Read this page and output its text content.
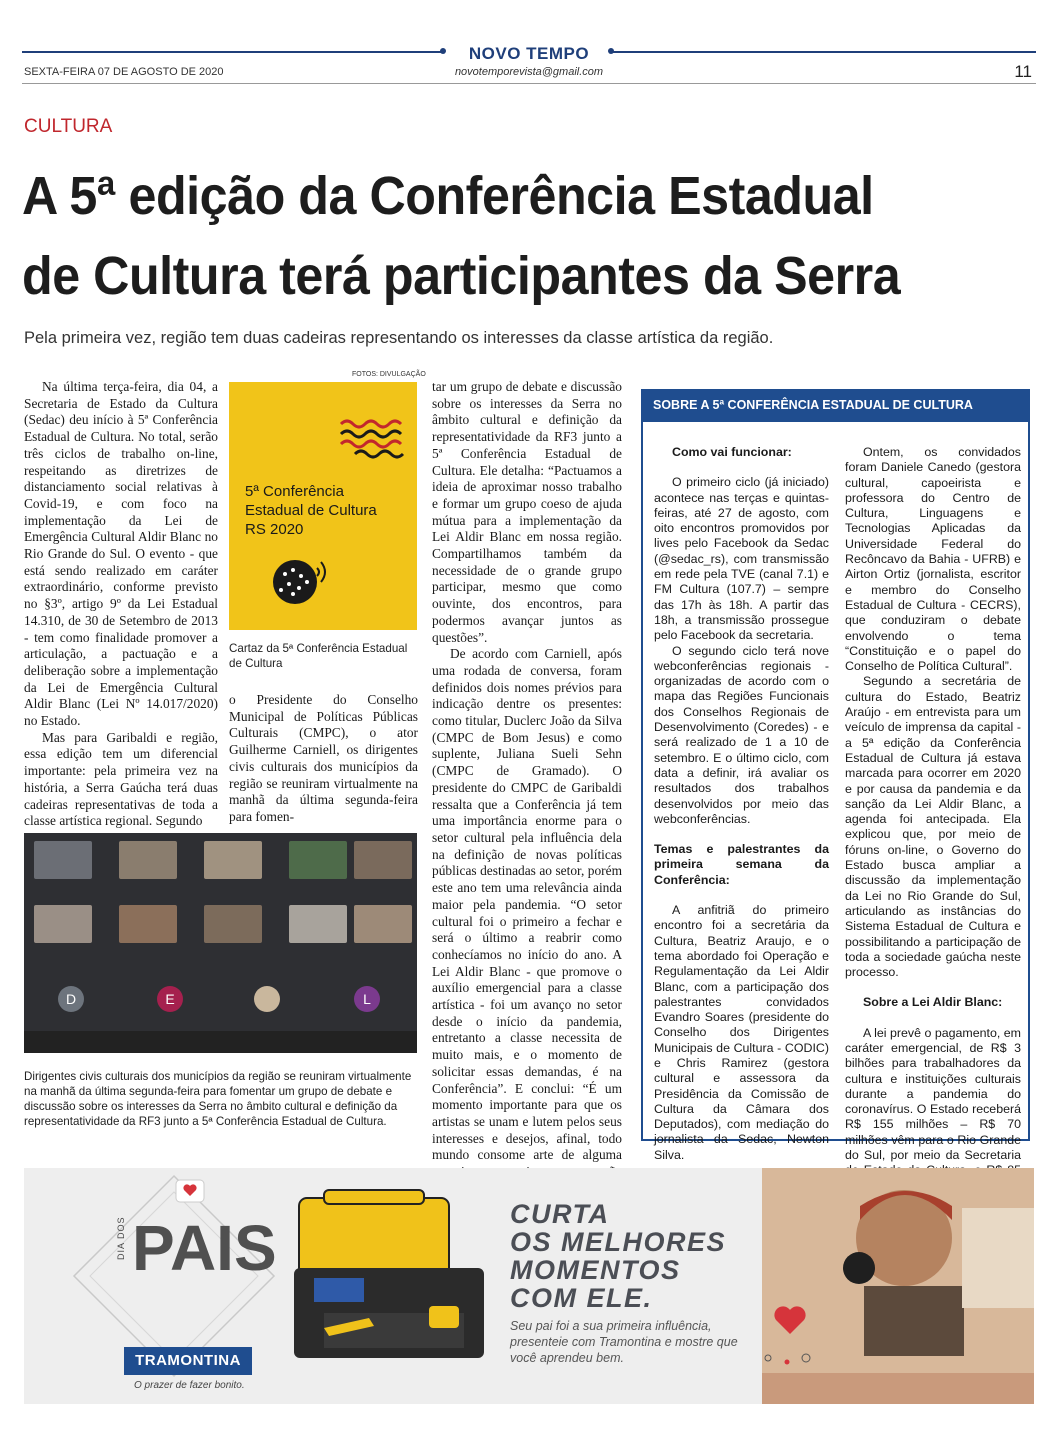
NOVO TEMPO
novotemporevista@gmail.com
SEXTA-FEIRA 07 DE AGOSTO DE 2020	11
CULTURA
A 5ª edição da Conferência Estadual
de Cultura terá participantes da Serra
Pela primeira vez, região tem duas cadeiras representando os interesses da classe artística da região.

Na última terça-feira, dia 04, a Secretaria de Estado da Cultura (Sedac) deu início à 5ª Conferência Estadual de Cultura. No total, serão três ciclos de trabalho on-line, respeitando as diretrizes de distanciamento social relativas à Covid-19, e com foco na implementação da Lei de Emergência Cultural Aldir Blanc no Rio Grande do Sul. O evento - que está sendo realizado em caráter extraordinário, conforme previsto no §3º, artigo 9º da Lei Estadual 14.310, de 30 de Setembro de 2013 - tem como finalidade promover a articulação, a pactuação e a deliberação sobre a implementação da Lei de Emergência Cultural Aldir Blanc (Lei Nº 14.017/2020) no Estado.

Mas para Garibaldi e região, essa edição tem um diferencial importante: pela primeira vez na história, a Serra Gaúcha terá duas cadeiras representativas de toda a classe artística regional. Segundo

FOTOS: DIVULGAÇÃO
5ª Conferência
Estadual de Cultura
RS 2020
Cartaz da 5ª Conferência Estadual de Cultura

o Presidente do Conselho Municipal de Políticas Públicas Culturais (CMPC), o ator Guilherme Carniell, os dirigentes civis culturais dos municípios da região se reuniram virtualmente na manhã da última segunda-feira para fomen-

tar um grupo de debate e discussão sobre os interesses da Serra no âmbito cultural e definição da representatividade da RF3 junto a 5ª Conferência Estadual de Cultura. Ele detalha: “Pactuamos a ideia de aproximar nosso trabalho e formar um grupo coeso de ajuda mútua para a implementação da Lei Aldir Blanc em nossa região. Compartilhamos também da necessidade de o grande grupo participar, mesmo que como ouvinte, dos encontros, para podermos avançar juntos as questões”.

De acordo com Carniell, após uma rodada de conversa, foram definidos dois nomes prévios para indicação dentre os presentes: como titular, Duclerc João da Silva (CMPC de Bom Jesus) e como suplente, Juliana Sueli Sehn (CMPC de Gramado). O presidente do CMPC de Garibaldi ressalta que a Conferência já tem uma importância enorme para o setor cultural pela influência dela na definição de novas políticas públicas destinadas ao setor, porém este ano tem uma relevância ainda maior pela pandemia. “O setor cultural foi o primeiro a fechar e será o último a reabrir como conhecíamos no início do ano. A Lei Aldir Blanc - que promove o auxílio emergencial para a classe artística - foi um avanço no setor desde o início da pandemia, entretanto a classe necessita de muito mais, e o momento de solicitar essas demandas, é na Conferência”. E conclui: “É um momento importante para que os artistas se unam e lutem pelos seus interesses e desejos, afinal, todo mundo consome arte de alguma

D	E	L
Dirigentes civis culturais dos municípios da região se reuniram virtualmente na manhã da última segunda-feira para fomentar um grupo de debate e discussão sobre os interesses da Serra no âmbito cultural e definição da representatividade da RF3 junto a 5ª Conferência Estadual de Cultura.
SOBRE A 5ª CONFERÊNCIA ESTADUAL DE CULTURA

Como vai funcionar:

O primeiro ciclo (já iniciado) acontece nas terças e quintas-feiras, até 27 de agosto, com oito encontros promovidos por lives pelo Facebook da Sedac (@sedac_rs), com transmissão em rede pela TVE (canal 7.1) e FM Cultura (107.7) – sempre das 17h às 18h. A partir das 18h, a transmissão prossegue pelo Facebook da secretaria.

O segundo ciclo terá nove webconferências regionais - organizadas de acordo com o mapa das Regiões Funcionais dos Conselhos Regionais de Desenvolvimento (Coredes) - e será realizado de 1 a 10 de setembro. E o último ciclo, com data a definir, irá avaliar os resultados dos trabalhos desenvolvidos por meio das webconferências.

Temas e palestrantes da primeira semana da Conferência:

A anfitriã do primeiro encontro foi a secretária da Cultura, Beatriz Araujo, e o tema abordado foi Operação e Regulamentação da Lei Aldir Blanc, com a participação dos palestrantes convidados Evandro Soares (presidente do Conselho dos Dirigentes Municipais de Cultura - CODIC) e Chris Ramirez (gestora cultural e assessora da Presidência da Comissão de Cultura da Câmara dos Deputados), com mediação do jornalista da Sedac, Newton Silva.

Ontem, os convidados foram Daniele Canedo (gestora cultural, capoeirista e professora do Centro de Cultura, Linguagens e Tecnologias Aplicadas da Universidade Federal do Recôncavo da Bahia - UFRB) e Airton Ortiz (jornalista, escritor e membro do Conselho Estadual de Cultura - CECRS), que conduziram o debate envolvendo o tema “Constituição e o papel do Conselho de Política Cultural”.

Segundo a secretária de cultura do Estado, Beatriz Araújo - em entrevista para um veículo de imprensa da capital - a 5ª edição da Conferência Estadual de Cultura já estava marcada para ocorrer em 2020 e por causa da pandemia e da sanção da Lei Aldir Blanc, a agenda foi antecipada. Ela explicou que, por meio de fóruns on-line, o Governo do Estado busca ampliar a discussão da implementação da Lei no Rio Grande do Sul, articulando as instâncias do Sistema Estadual de Cultura e possibilitando a participação de toda a sociedade gaúcha neste processo.

Sobre a Lei Aldir Blanc:

A lei prevê o pagamento, em caráter emergencial, de R$ 3 bilhões para trabalhadores da cultura e instituições culturais durante a pandemia do coronavírus. O Estado receberá R$ 155 milhões – R$ 70 milhões vêm para o Rio Grande do Sul, por meio da Secretaria

DIA DOS PAIS	CURTA
OS MELHORES
MOMENTOS
COM ELE.
Seu pai foi a sua primeira influência, presenteie com Tramontina e mostre que você aprendeu bem.
TRAMONTINA
O prazer de fazer bonito.
